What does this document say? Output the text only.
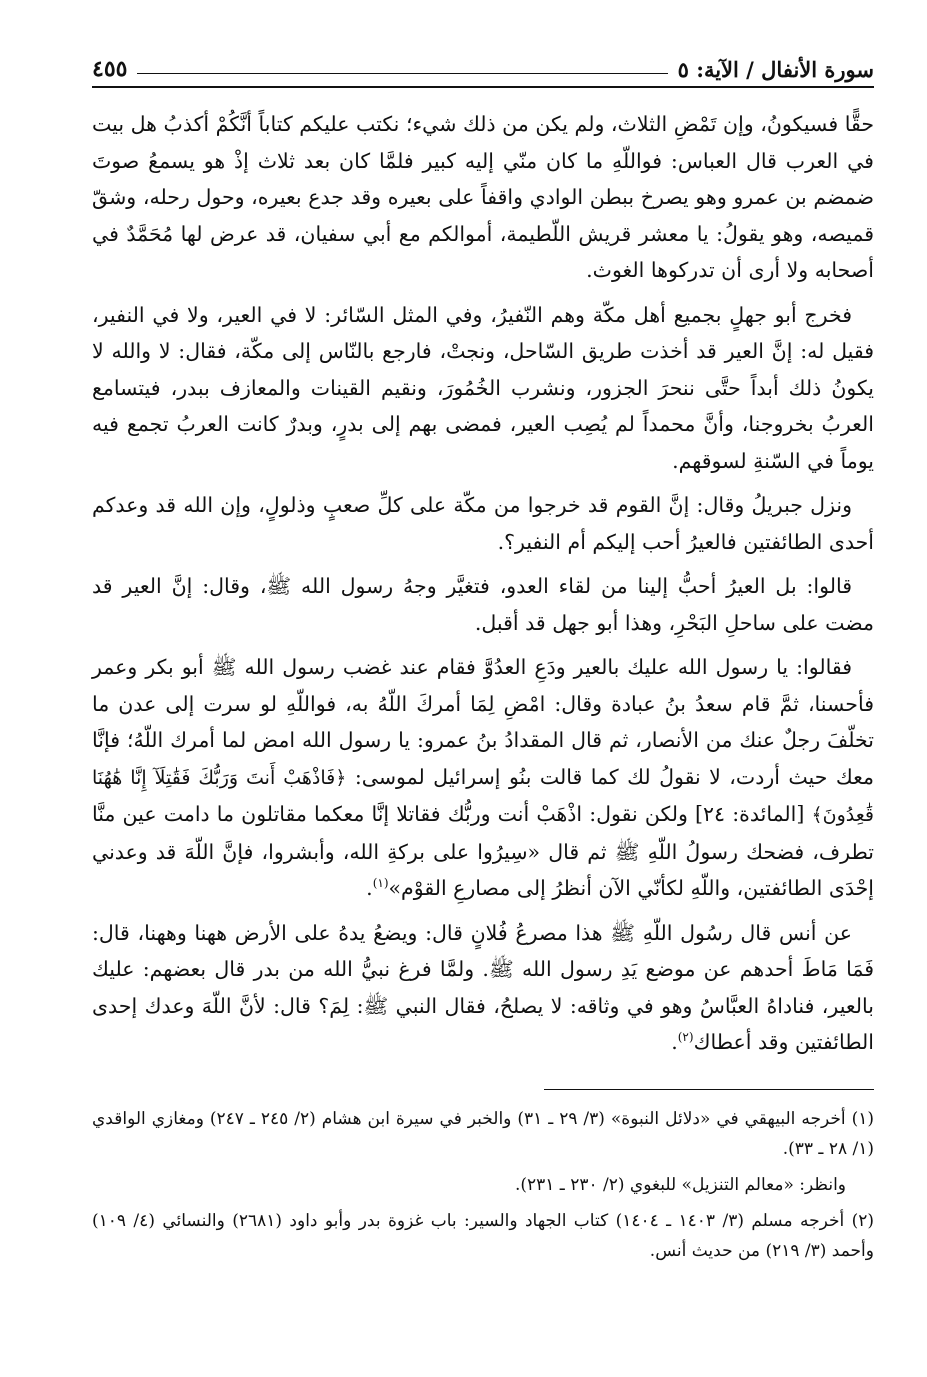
سورة الأنفال / الآية: ٥
٤٥٥

حقًّا فسيكونُ، وإن تَمْضِ الثلاث، ولم يكن من ذلك شيء؛ نكتب عليكم كتاباً أنَّكُمْ أكذبُ هل بيت في العرب قال العباس: فواللّهِ ما كان منّي إليه كبير فلمَّا كان بعد ثلاث إذْ هو يسمعُ صوتَ ضمضم بن عمرو وهو يصرخ ببطن الوادي واقفاً على بعيره وقد جدع بعيره، وحول رحله، وشقّ قميصه، وهو يقولُ: يا معشر قريش اللّطيمة، أموالكم مع أبي سفيان، قد عرض لها مُحَمَّدٌ في أصحابه ولا أرى أن تدركوها الغوث.

فخرج أبو جهلٍ بجميع أهل مكّة وهم النّفيرُ، وفي المثل السّائر: لا في العير، ولا في النفير، فقيل له: إنَّ العير قد أخذت طريق السّاحل، ونجتْ، فارجع بالنّاس إلى مكّة، فقال: لا والله لا يكونُ ذلك أبداً حتَّى ننحرَ الجزور، ونشرب الخُمُورَ، ونقيم القينات والمعازف ببدر، فيتسامع العربُ بخروجنا، وأنَّ محمداً لم يُصِب العير، فمضى بهم إلى بدرٍ، وبدرٌ كانت العربُ تجمع فيه يوماً في السّنةِ لسوقهم.

ونزل جبريلُ وقال: إنَّ القوم قد خرجوا من مكّة على كلِّ صعبٍ وذلولٍ، وإن الله قد وعدكم أحدى الطائفتين فالعيرُ أحب إليكم أم النفير؟.

قالوا: بل العيرُ أحبُّ إلينا من لقاء العدو، فتغيَّر وجهُ رسول الله ﷺ، وقال: إنَّ العير قد مضت على ساحلِ البَحْرِ، وهذا أبو جهل قد أقبل.

فقالوا: يا رسول الله عليك بالعير ودَعِ العدُوَّ فقام عند غضب رسول الله ﷺ أبو بكر وعمر فأحسنا، ثمَّ قام سعدُ بنُ عبادة وقال: امْضِ لِمَا أمركَ اللّهُ به، فواللّهِ لو سرت إلى عدن ما تخلّفَ رجلٌ عنك من الأنصار، ثم قال المقدادُ بنُ عمرو: يا رسول الله امض لما أمرك اللّهُ؛ فإنَّا معك حيث أردت، لا نقولُ لك كما قالت بنُو إسرائيل لموسى: ﴿فَاذْهَبْ أَنتَ وَرَبُّكَ فَقَٰتِلَآ إِنَّا هَٰهُنَا قَٰعِدُونَ﴾ [المائدة: ٢٤] ولكن نقول: اذْهَبْ أنت وربُّك فقاتلا إنَّا معكما مقاتلون ما دامت عين منَّا تطرف، فضحك رسولُ اللّهِ ﷺ ثم قال «سِيرُوا على بركةِ الله، وأبشروا، فإنَّ اللّهَ قد وعدني إحْدَى الطائفتين، واللّهِ لكأنّي الآن أنظرُ إلى مصارعِ القوْم»$^{(١)}$.

عن أنس قال رسُول اللّهِ ﷺ هذا مصرعُ فُلانٍ قال: ويضعُ يدهُ على الأرض ههنا وههنا، قال: فَمَا مَاطَ أحدهم عن موضع يَدِ رسول الله ﷺ. ولمَّا فرغ نبيُّ الله من بدر قال بعضهم: عليك بالعير، فناداهُ العبَّاسُ وهو في وثاقه: لا يصلحُ، فقال النبي ﷺ: لِمَ؟ قال: لأنَّ اللّهَ وعدك إحدى الطائفتين وقد أعطاك$^{(٢)}$.

(١) أخرجه البيهقي في «دلائل النبوة» (٣/ ٢٩ ـ ٣١) والخبر في سيرة ابن هشام (٢/ ٢٤٥ ـ ٢٤٧) ومغازي الواقدي (١/ ٢٨ ـ ٣٣).

وانظر: «معالم التنزيل» للبغوي (٢/ ٢٣٠ ـ ٢٣١).

(٢) أخرجه مسلم (٣/ ١٤٠٣ ـ ١٤٠٤) كتاب الجهاد والسير: باب غزوة بدر وأبو داود (٢٦٨١) والنسائي (٤/ ١٠٩) وأحمد (٣/ ٢١٩) من حديث أنس.
